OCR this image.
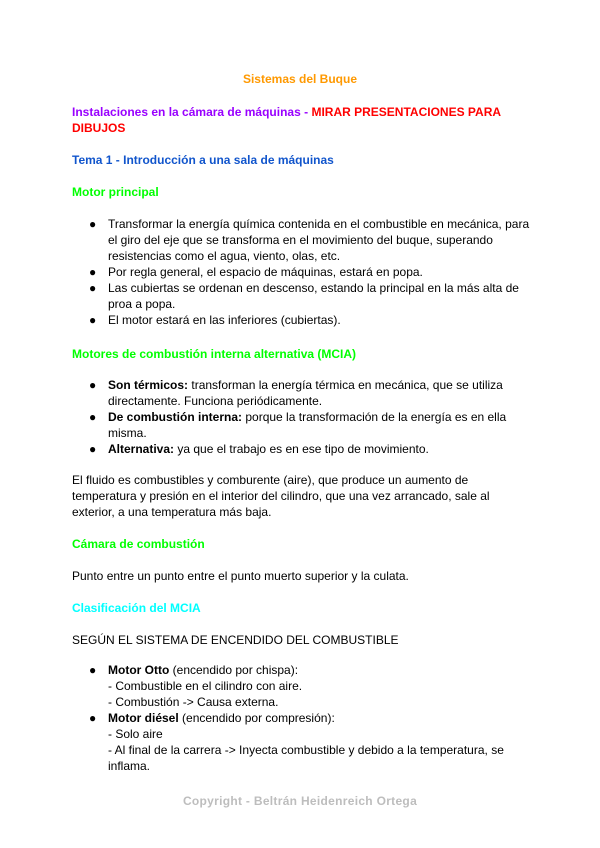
Sistemas del Buque
Instalaciones en la cámara de máquinas - MIRAR PRESENTACIONES PARA DIBUJOS
Tema 1 - Introducción a una sala de máquinas
Motor principal
● Transformar la energía química contenida en el combustible en mecánica, para el giro del eje que se transforma en el movimiento del buque, superando resistencias como el agua, viento, olas, etc.
● Por regla general, el espacio de máquinas, estará en popa.
● Las cubiertas se ordenan en descenso, estando la principal en la más alta de proa a popa.
● El motor estará en las inferiores (cubiertas).
Motores de combustión interna alternativa (MCIA)
● Son térmicos: transforman la energía térmica en mecánica, que se utiliza directamente. Funciona periódicamente.
● De combustión interna: porque la transformación de la energía es en ella misma.
● Alternativa: ya que el trabajo es en ese tipo de movimiento.
El fluido es combustibles y comburente (aire), que produce un aumento de temperatura y presión en el interior del cilindro, que una vez arrancado, sale al exterior, a una temperatura más baja.
Cámara de combustión
Punto entre un punto entre el punto muerto superior y la culata.
Clasificación del MCIA
SEGÚN EL SISTEMA DE ENCENDIDO DEL COMBUSTIBLE
● Motor Otto (encendido por chispa):
- Combustible en el cilindro con aire.
- Combustión -> Causa externa.
● Motor diésel (encendido por compresión):
- Solo aire
- Al final de la carrera -> Inyecta combustible y debido a la temperatura, se inflama.
Copyright - Beltrán Heidenreich Ortega
